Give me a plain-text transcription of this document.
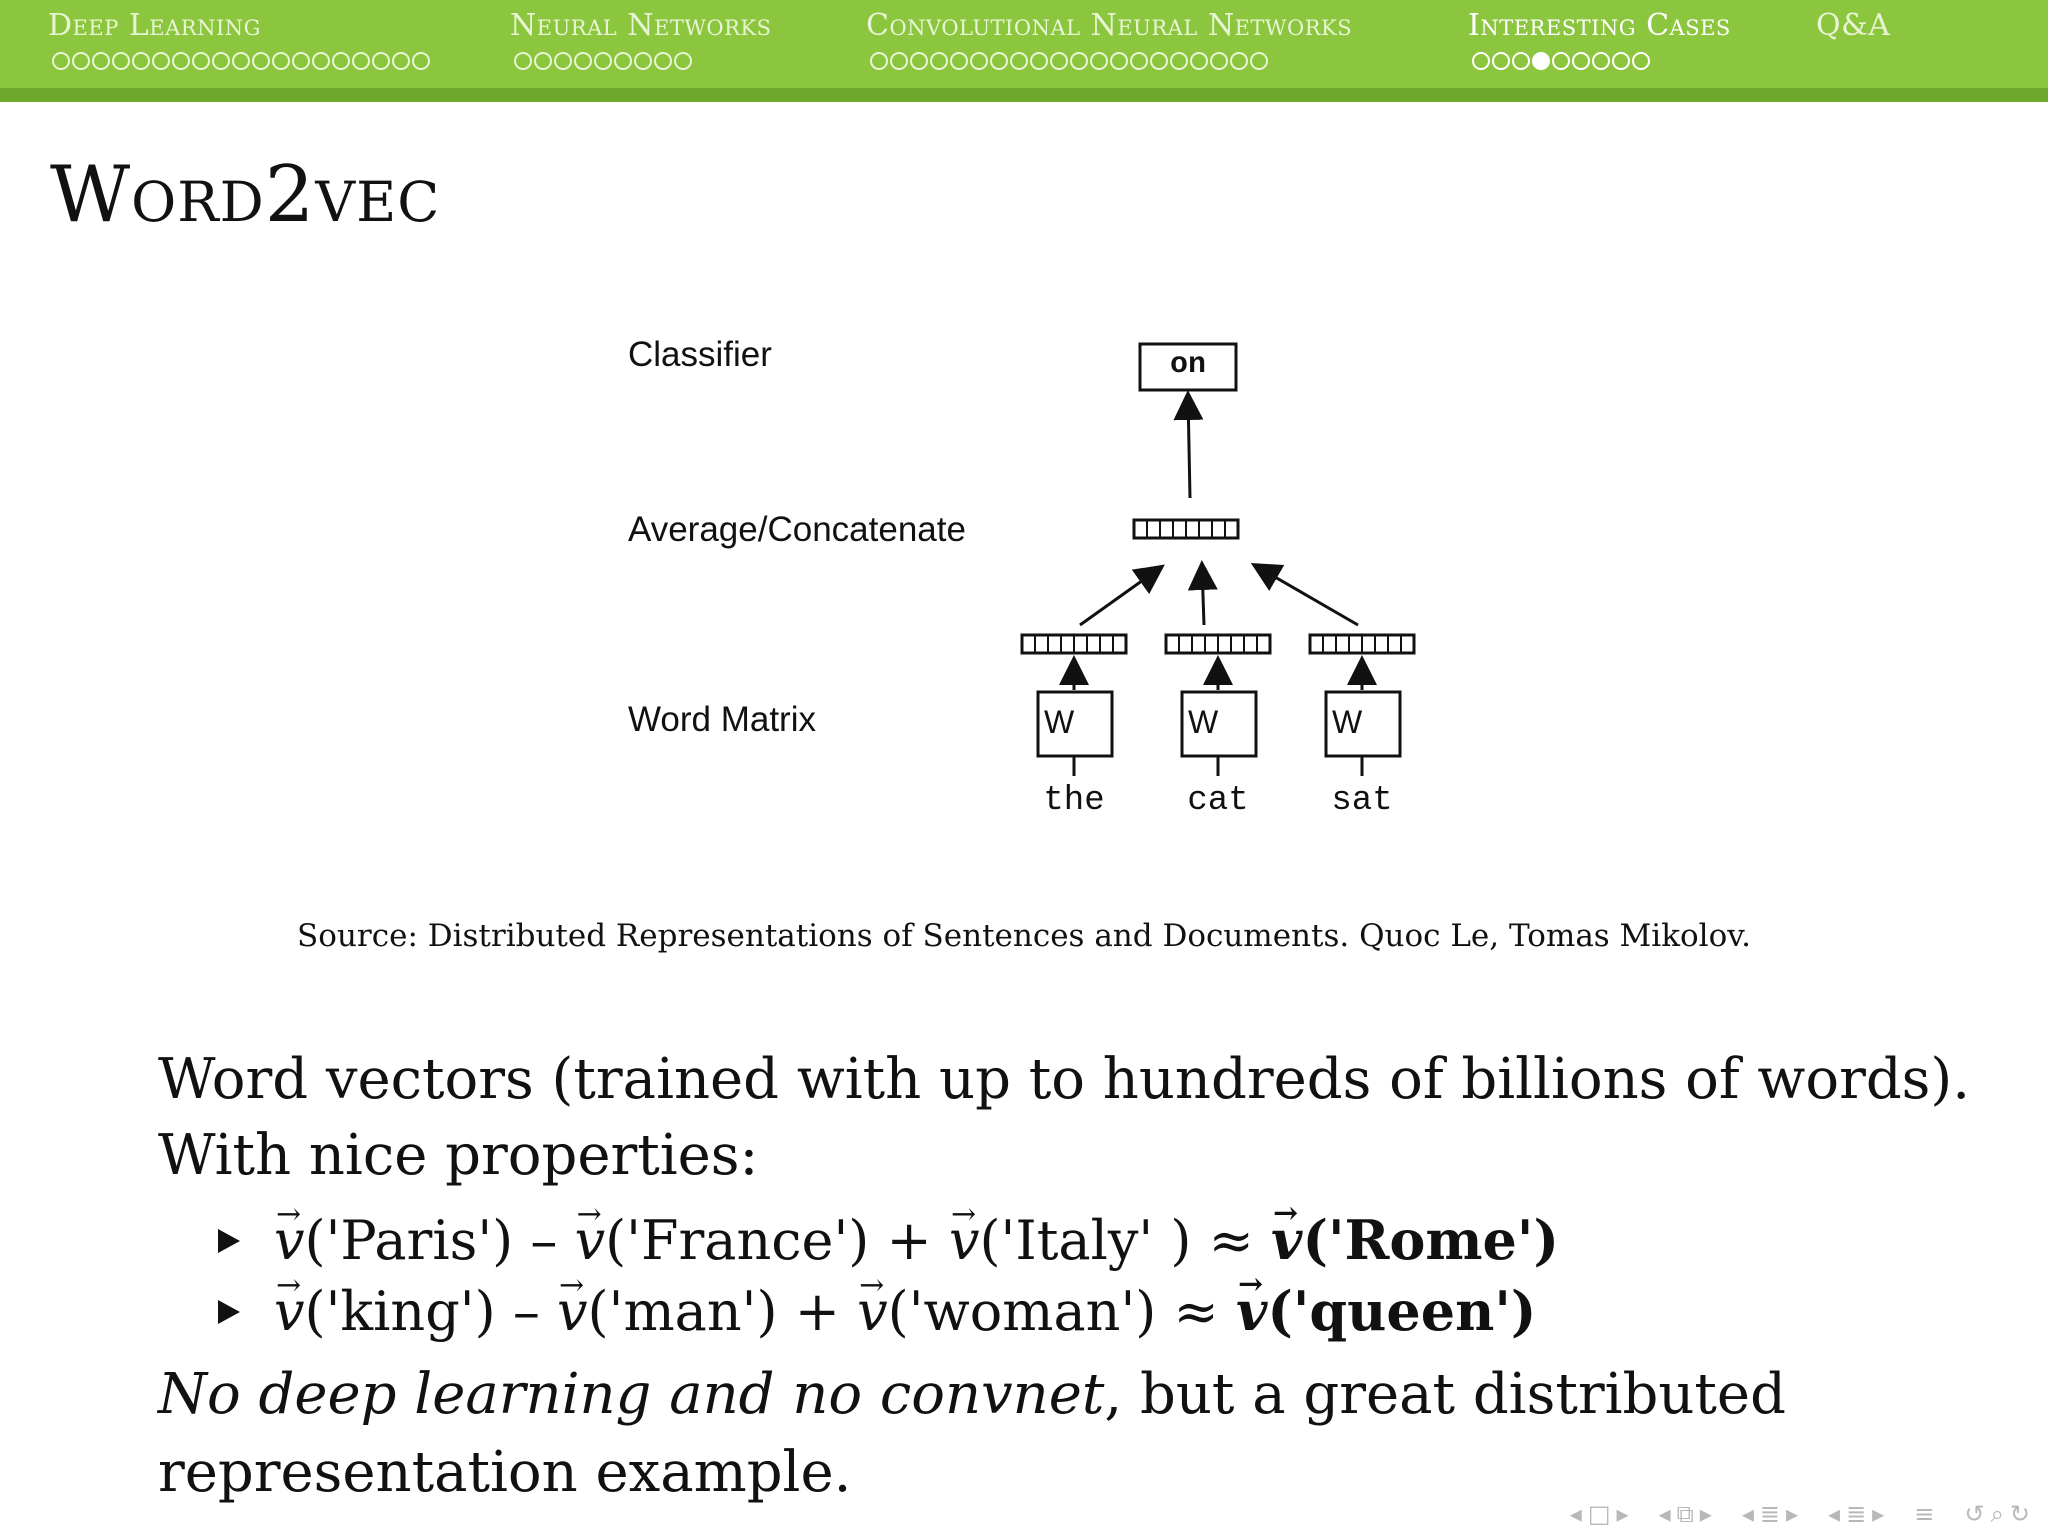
Deep Learning	Neural Networks	Convolutional Neural Networks	Interesting Cases	Q&A
Word2vec
Classifier
Average/Concatenate
Word Matrix
on
W	W	W
the	cat	sat
Source: Distributed Representations of Sentences and Documents. Quoc Le, Tomas Mikolov.
Word vectors (trained with up to hundreds of billions of words).
With nice properties:
→ v('Paris') – → v('France') + → v('Italy' ) ≈ → v('Rome')
→ v('king') – → v('man') + → v('woman') ≈ → v('queen')
No deep learning and no convnet, but a great distributed representation example.
◂ □ ▸ ◂ ⧉ ▸ ◂ ≣ ▸ ◂ ≣ ▸ ≡ ↺ ⌕ ↻
